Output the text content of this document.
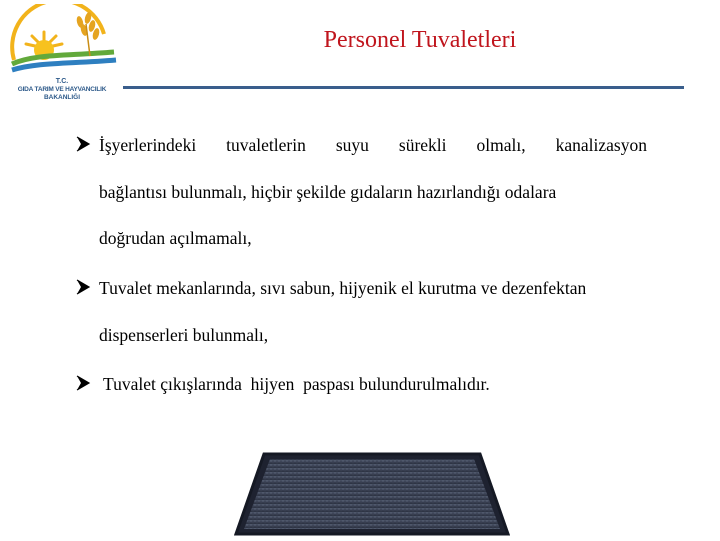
T.C.
GIDA TARIM VE HAYVANCILIK
BAKANLIĞI
Personel Tuvaletleri
İşyerlerindeki tuvaletlerin suyu sürekli olmalı, kanalizasyon
bağlantısı bulunmalı, hiçbir şekilde gıdaların hazırlandığı odalara
doğrudan açılmamalı,
Tuvalet mekanlarında, sıvı sabun, hijyenik el kurutma ve dezenfektan
dispenserleri bulunmalı,
Tuvalet çıkışlarında  hijyen  paspası bulundurulmalıdır.
